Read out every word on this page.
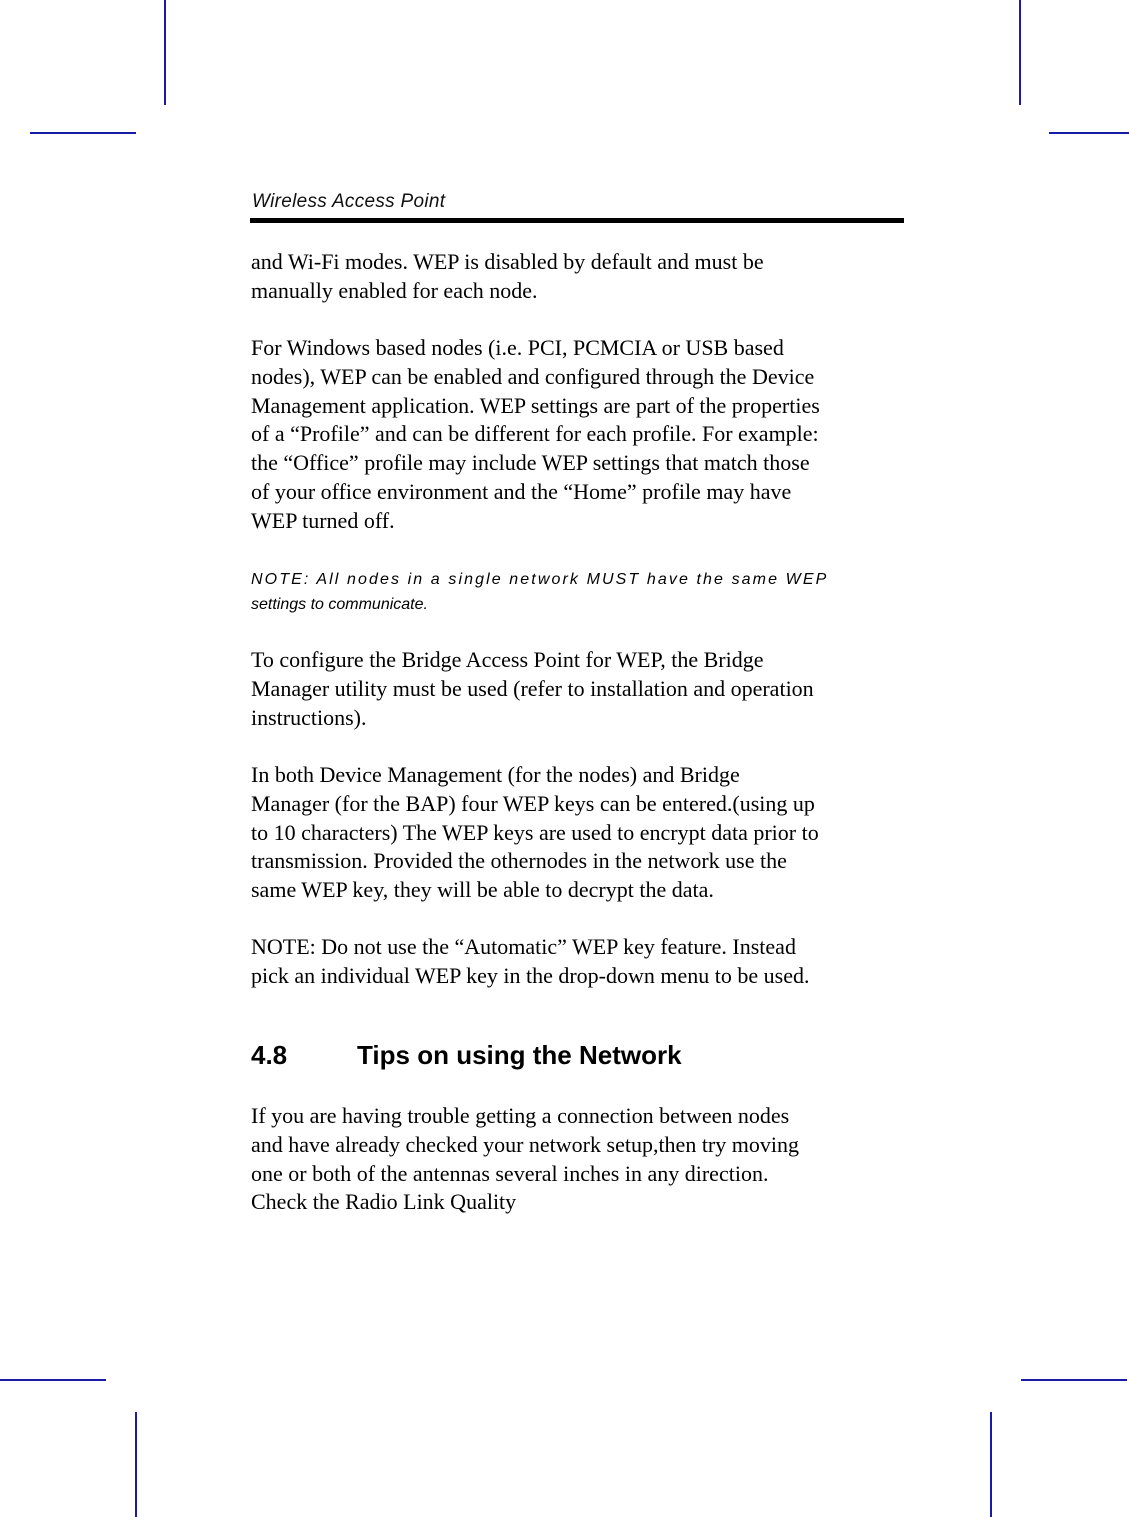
Wireless Access Point

and Wi-Fi modes. WEP is disabled by default and must be
manually enabled for each node.

For Windows based nodes (i.e. PCI, PCMCIA or USB based
nodes), WEP can be enabled and configured through the Device
Management application. WEP settings are part of the properties
of a “Profile” and can be different for each profile. For example:
the “Office” profile may include WEP settings that match those
of your office environment and the “Home” profile may have
WEP turned off.

NOTE: All nodes in a single network MUST have the same WEP
settings to communicate.

To configure the Bridge Access Point for WEP, the Bridge
Manager utility must be used (refer to installation and operation
instructions).

In both Device Management (for the nodes) and Bridge
Manager (for the BAP) four WEP keys can be entered.(using up
to 10 characters) The WEP keys are used to encrypt data prior to
transmission. Provided the othernodes in the network use the
same WEP key, they will be able to decrypt the data.

NOTE: Do not use the “Automatic” WEP key feature. Instead
pick an individual WEP key in the drop-down menu to be used.

4.8	Tips on using the Network

If you are having trouble getting a connection between nodes
and have already checked your network setup,then try moving
one or both of the antennas several inches in any direction.
Check the Radio Link Quality
